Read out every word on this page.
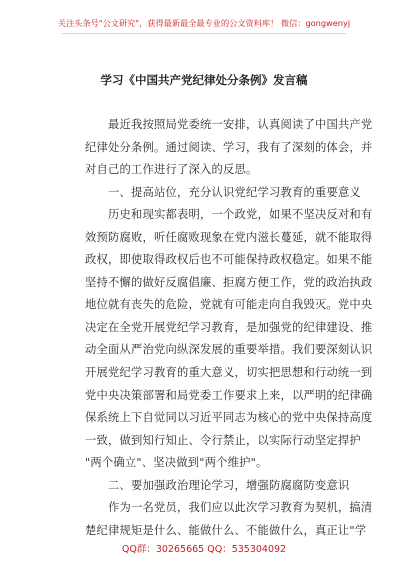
关注头条号"公文研究"，获得最新最全最专业的公文资料库！ 微信：gongwenyj
学习《中国共产党纪律处分条例》发言稿
最近我按照局党委统一安排，认真阅读了中国共产党
纪律处分条例。通过阅读、学习，我有了深刻的体会，并
对自己的工作进行了深入的反思。
一、提高站位，充分认识党纪学习教育的重要意义
历史和现实都表明，一个政党，如果不坚决反对和有
效预防腐败，听任腐败现象在党内滋长蔓延，就不能取得
政权，即使取得政权后也不可能保持政权稳定。如果不能
坚持不懈的做好反腐倡廉、拒腐方便工作，党的政治执政
地位就有丧失的危险，党就有可能走向自我毁灭。党中央
决定在全党开展党纪学习教育，是加强党的纪律建设、推
动全面从严治党向纵深发展的重要举措。我们要深刻认识
开展党纪学习教育的重大意义，切实把思想和行动统一到
党中央决策部署和局党委工作要求上来，以严明的纪律确
保系统上下自觉同以习近平同志为核心的党中央保持高度
一致，做到知行知止、令行禁止，以实际行动坚定捍护
"两个确立"、坚决做到"两个维护"。
二、要加强政治理论学习，增强防腐腐防变意识
作为一名党员，我们应以此次学习教育为契机，搞清
楚纪律规矩是什么、能做什么、不能做什么，真正让"学
QQ群：30265665 QQ：535304092
